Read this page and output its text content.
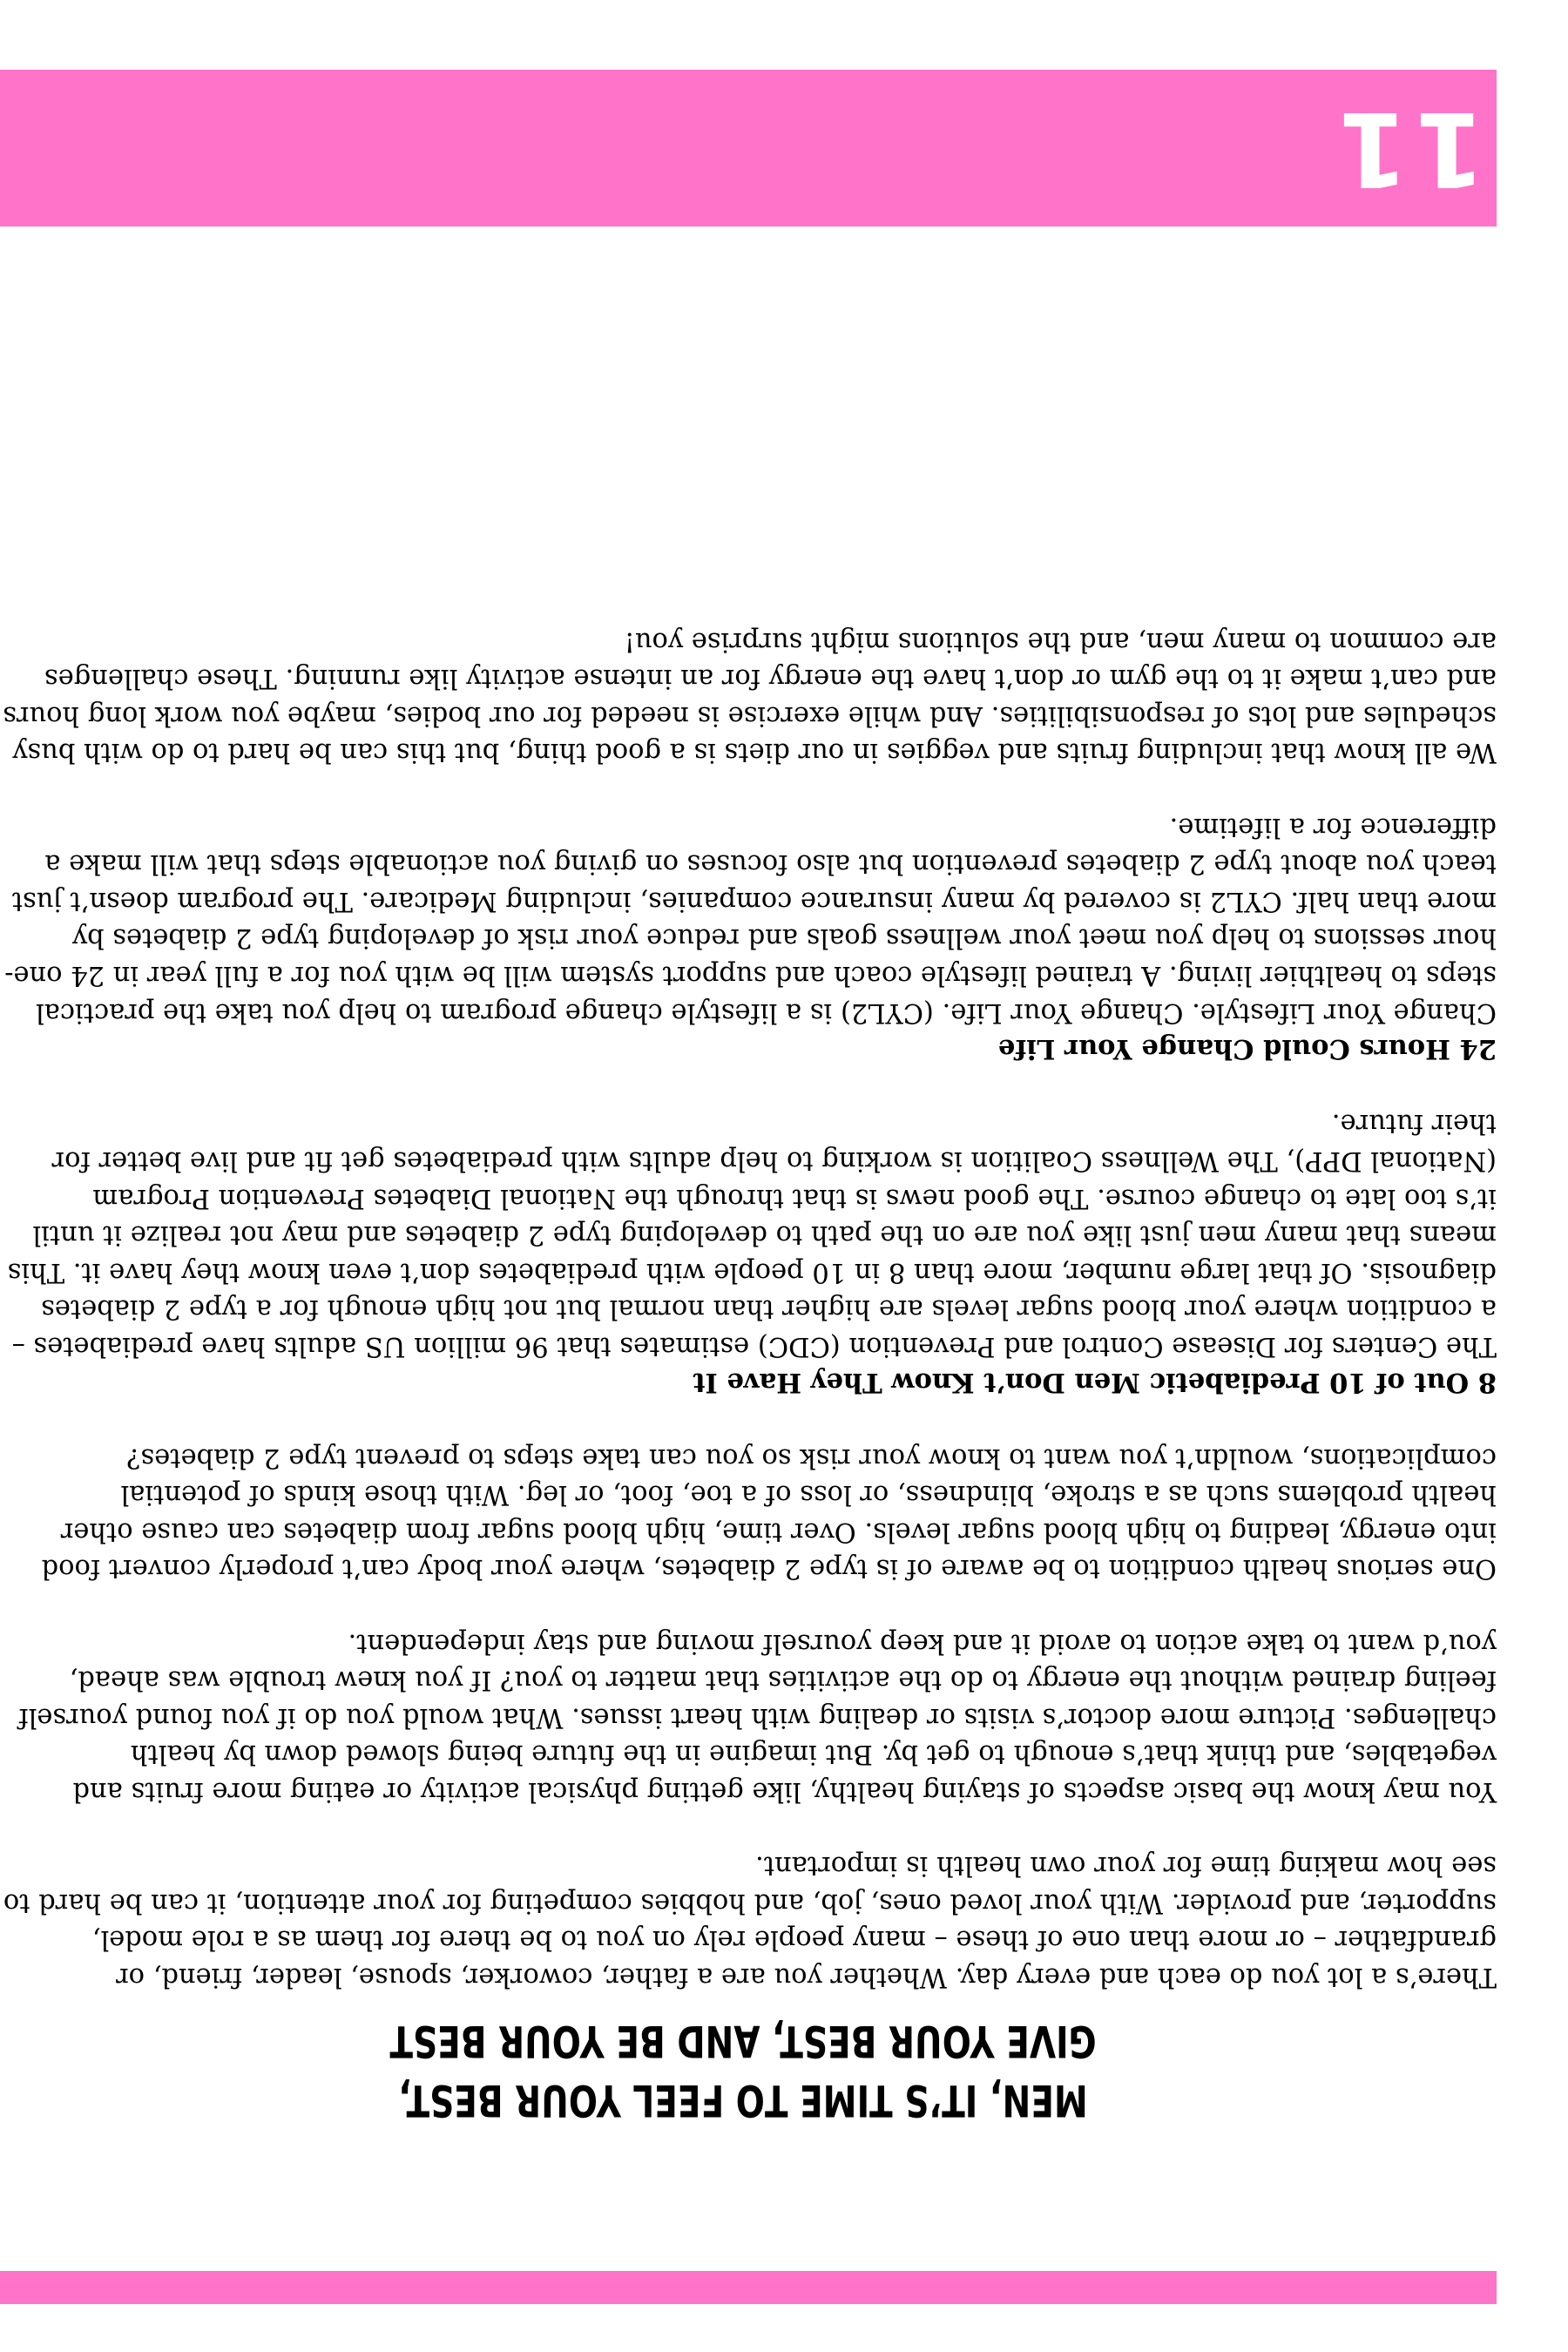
MEN, IT’S TIME TO FEEL YOUR BEST,
GIVE YOUR BEST, AND BE YOUR BEST

There’s a lot you do each and every day. Whether you are a father, coworker, spouse, leader, friend, or grandfather – or more than one of these – many people rely on you to be there for them as a role model, supporter, and provider. With your loved ones, job, and hobbies competing for your attention, it can be hard to see how making time for your own health is important.

You may know the basic aspects of staying healthy, like getting physical activity or eating more fruits and vegetables, and think that’s enough to get by. But imagine in the future being slowed down by health challenges. Picture more doctor’s visits or dealing with heart issues. What would you do if you found yourself feeling drained without the energy to do the activities that matter to you? If you knew trouble was ahead, you’d want to take action to avoid it and keep yourself moving and stay independent.

One serious health condition to be aware of is type 2 diabetes, where your body can’t properly convert food into energy, leading to high blood sugar levels. Over time, high blood sugar from diabetes can cause other health problems such as a stroke, blindness, or loss of a toe, foot, or leg. With those kinds of potential complications, wouldn’t you want to know your risk so you can take steps to prevent type 2 diabetes?

8 Out of 10 Prediabetic Men Don’t Know They Have It
The Centers for Disease Control and Prevention (CDC) estimates that 96 million US adults have prediabetes – a condition where your blood sugar levels are higher than normal but not high enough for a type 2 diabetes diagnosis. Of that large number, more than 8 in 10 people with prediabetes don’t even know they have it. This means that many men just like you are on the path to developing type 2 diabetes and may not realize it until it’s too late to change course. The good news is that through the National Diabetes Prevention Program (National DPP), The Wellness Coalition is working to help adults with prediabetes get fit and live better for their future.

24 Hours Could Change Your Life
Change Your Lifestyle. Change Your Life. (CYL2) is a lifestyle change program to help you take the practical steps to healthier living. A trained lifestyle coach and support system will be with you for a full year in 24 one-hour sessions to help you meet your wellness goals and reduce your risk of developing type 2 diabetes by more than half. CYL2 is covered by many insurance companies, including Medicare. The program doesn’t just teach you about type 2 diabetes prevention but also focuses on giving you actionable steps that will make a difference for a lifetime.

We all know that including fruits and veggies in our diets is a good thing, but this can be hard to do with busy schedules and lots of responsibilities. And while exercise is needed for our bodies, maybe you work long hours and can’t make it to the gym or don’t have the energy for an intense activity like running. These challenges are common to many men, and the solutions might surprise you!

11
